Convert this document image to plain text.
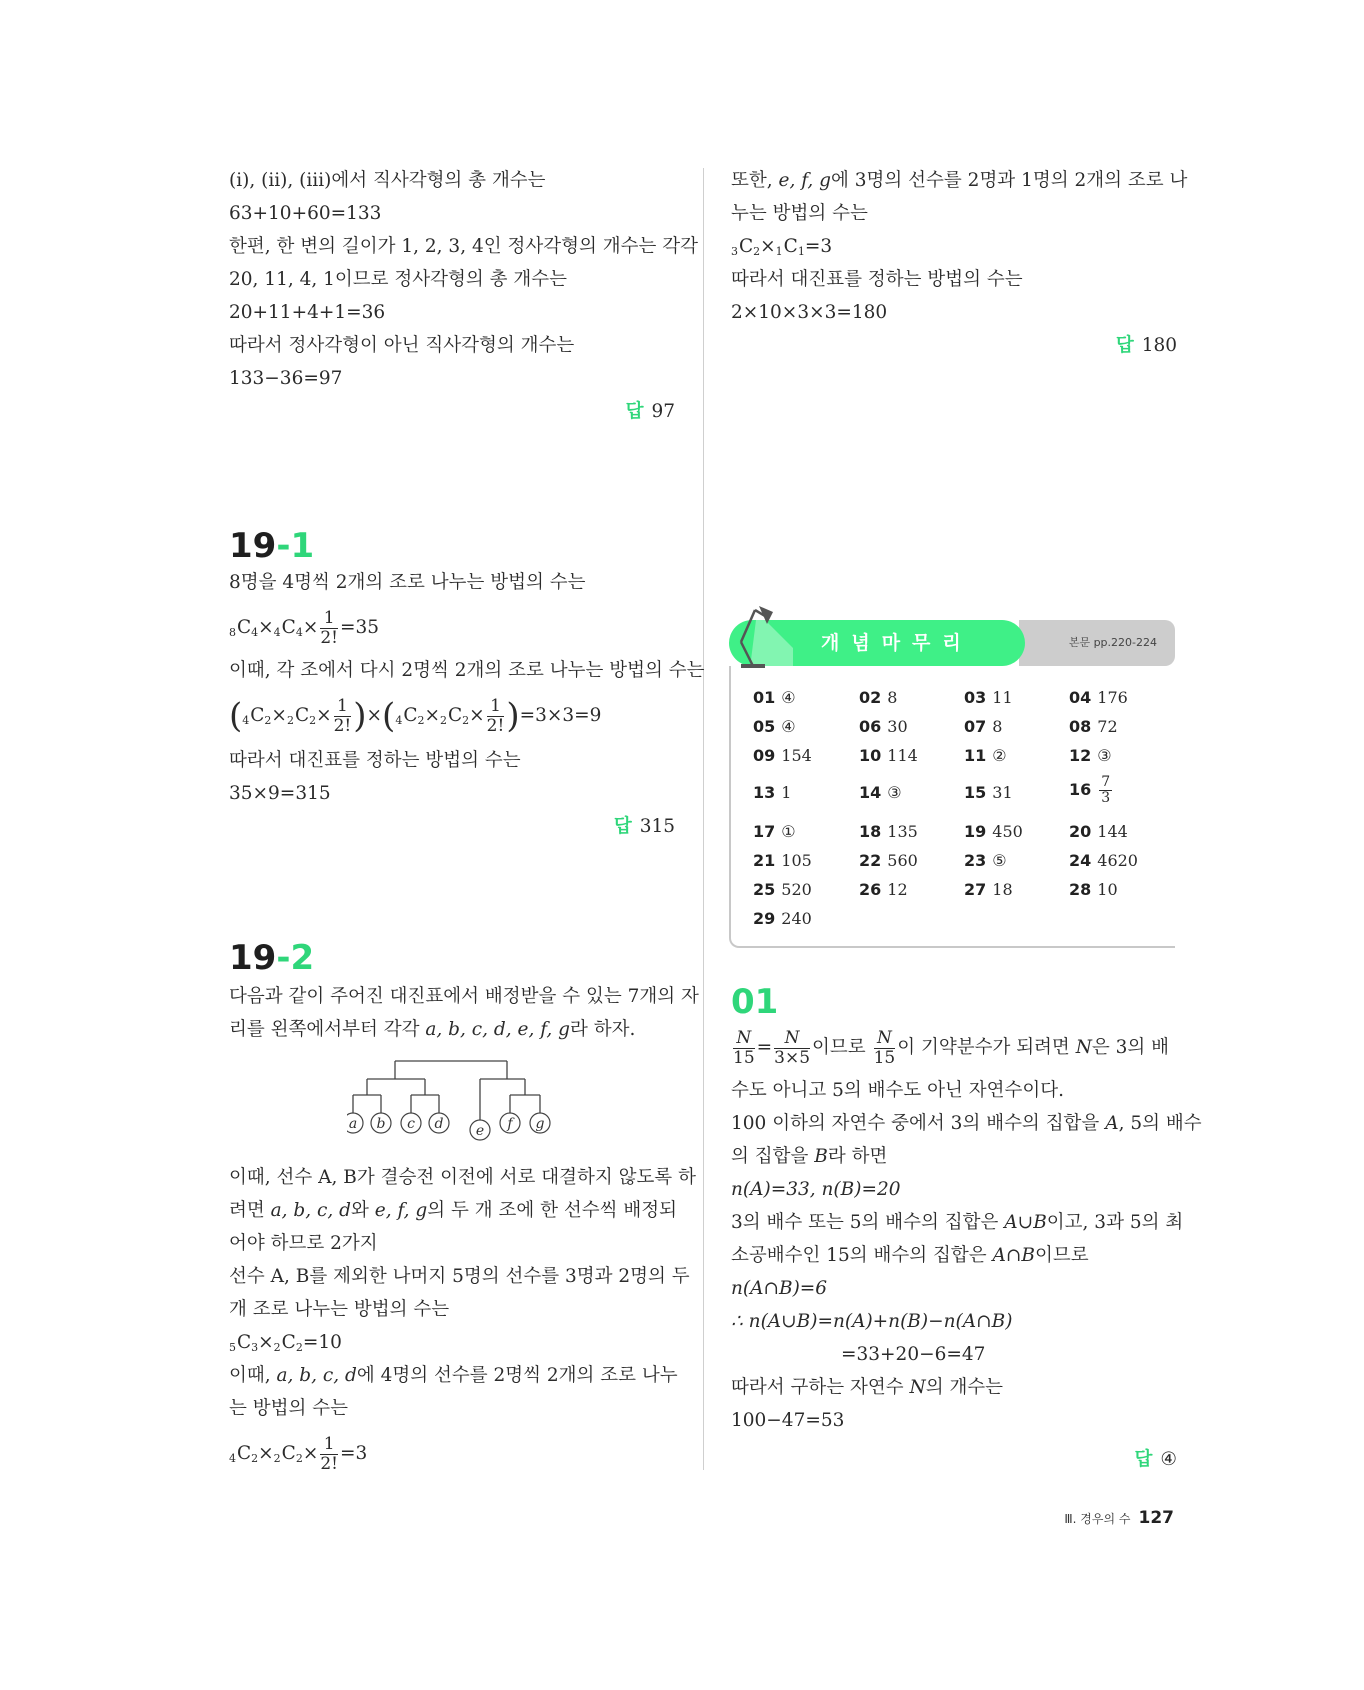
(ⅰ), (ⅱ), (ⅲ)에서 직사각형의 총 개수는
63+10+60=133
한편, 한 변의 길이가 1, 2, 3, 4인 정사각형의 개수는 각각
20, 11, 4, 1이므로 정사각형의 총 개수는
20+11+4+1=36
따라서 정사각형이 아닌 직사각형의 개수는
133−36=97
답 97
19-1
8명을 4명씩 2개의 조로 나누는 방법의 수는
$8C_4\times 4C_4\times \frac{1}{2!} =35$
이때, 각 조에서 다시 2명씩 2개의 조로 나누는 방법의 수는
$(4C_2\times 2C_2\times \frac{1}{2!} )\times(4C_2\times 2C_2\times \frac{1}{2!} )=3\times 3=9$
따라서 대진표를 정하는 방법의 수는
35×9=315
답 315
19-2
다음과 같이 주어진 대진표에서 배정받을 수 있는 7개의 자
리를 왼쪽에서부터 각각 a, b, c, d, e, f, g라 하자.
a b c d e f g
이때, 선수 A, B가 결승전 이전에 서로 대결하지 않도록 하
려면 a, b, c, d와 e, f, g의 두 개 조에 한 선수씩 배정되
어야 하므로 2가지
선수 A, B를 제외한 나머지 5명의 선수를 3명과 2명의 두
개 조로 나누는 방법의 수는
$5C_3\times 2C_2=10$
이때, a, b, c, d에 4명의 선수를 2명씩 2개의 조로 나누
는 방법의 수는
$4C_2\times 2C_2\times \frac{1}{2!} =3$
또한, e, f, g에 3명의 선수를 2명과 1명의 2개의 조로 나
누는 방법의 수는
$3C_2\times 1C_1=3$
따라서 대진표를 정하는 방법의 수는
2×10×3×3=180
답 180
본문 pp.220-224
개념마무리
01 ④	02 8	03 11	04 176
05 ④	06 30	07 8	08 72
09 154	10 114	11 ②	12 ③
13 1	14 ③	15 31	$16 \frac{7}{3}$
17 ①	18 135	19 450	20 144
21 105	22 560	23 ⑤	24 4620
25 520	26 12	27 18	28 10
29 240
01
$\frac{N}{15} = \frac{N}{3\times 5}$ 이므로 $\frac{N}{15}$ 이 기약분수가 되려면 N은 3의 배
수도 아니고 5의 배수도 아닌 자연수이다.
100 이하의 자연수 중에서 3의 배수의 집합을 A, 5의 배수
의 집합을 B라 하면
n(A)=33, n(B)=20
3의 배수 또는 5의 배수의 집합은 A∪B이고, 3과 5의 최
소공배수인 15의 배수의 집합은 A∩B이므로
n(A∩B)=6
∴ n(A∪B)=n(A)+n(B)−n(A∩B)
=33+20−6=47
따라서 구하는 자연수 N의 개수는
100−47=53
답 ④
Ⅲ. 경우의 수 127
